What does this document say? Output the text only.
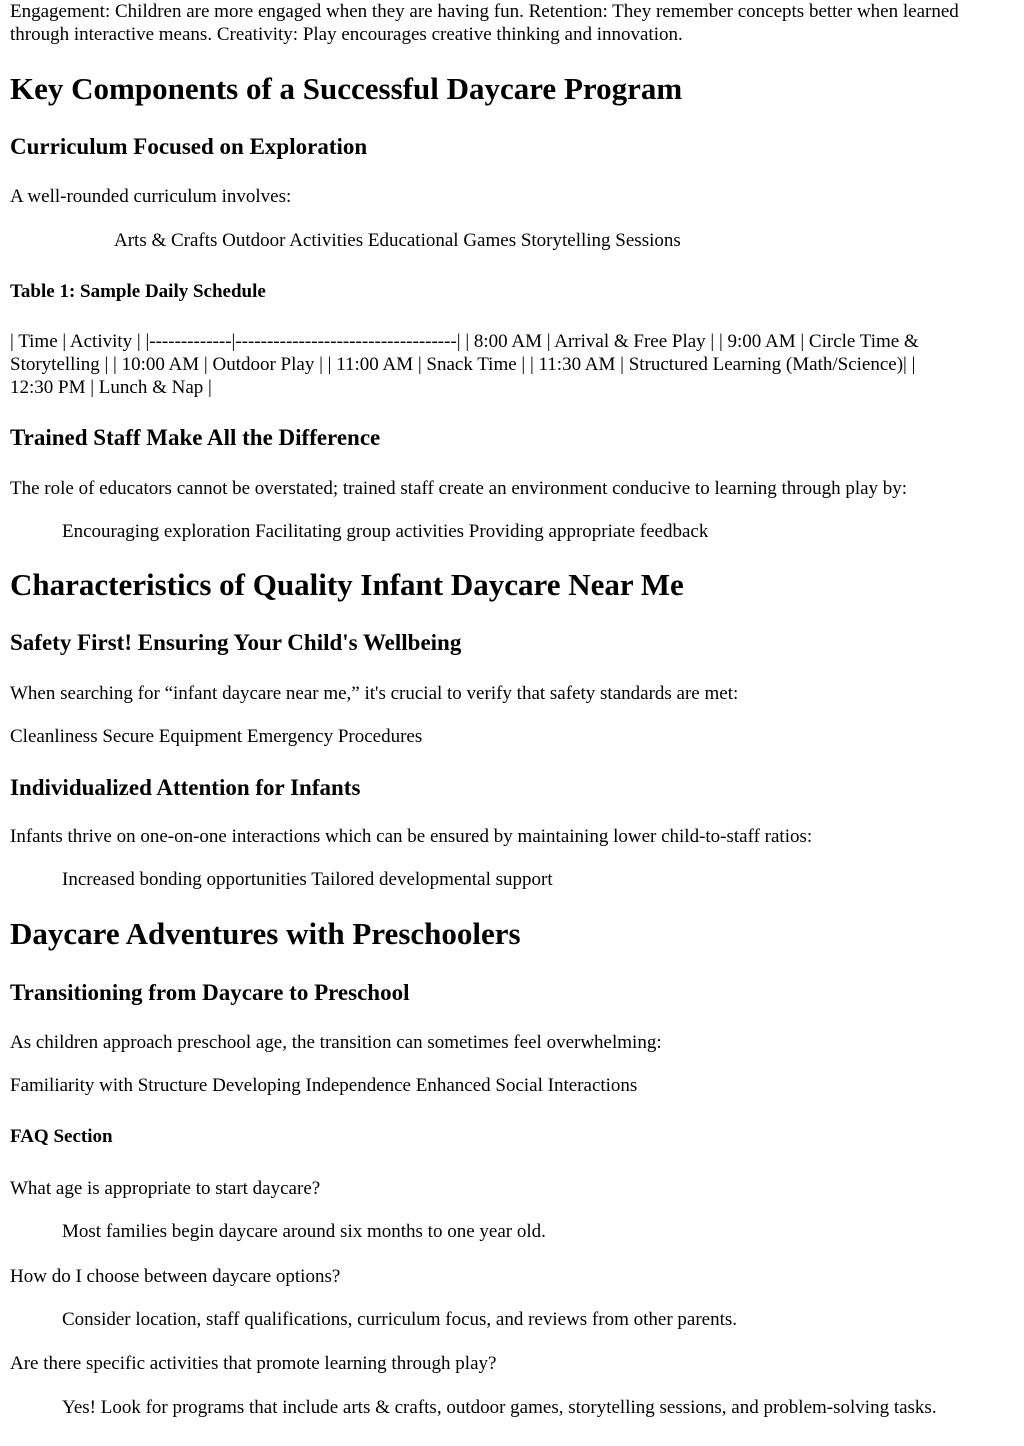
Engagement: Children are more engaged when they are having fun. Retention: They remember concepts better when learned through interactive means. Creativity: Play encourages creative thinking and innovation.

Key Components of a Successful Daycare Program
Curriculum Focused on Exploration

A well-rounded curriculum involves:

Arts & Crafts Outdoor Activities Educational Games Storytelling Sessions

Table 1: Sample Daily Schedule

| Time | Activity | |-------------|-----------------------------------| | 8:00 AM | Arrival & Free Play | | 9:00 AM | Circle Time &

Storytelling | | 10:00 AM | Outdoor Play | | 11:00 AM | Snack Time | | 11:30 AM | Structured Learning (Math/Science)| |

12:30 PM | Lunch & Nap |

Trained Staff Make All the Difference

The role of educators cannot be overstated; trained staff create an environment conducive to learning through play by:

Encouraging exploration Facilitating group activities Providing appropriate feedback

Characteristics of Quality Infant Daycare Near Me
Safety First! Ensuring Your Child's Wellbeing

When searching for “infant daycare near me,” it's crucial to verify that safety standards are met:

Cleanliness Secure Equipment Emergency Procedures

Individualized Attention for Infants

Infants thrive on one-on-one interactions which can be ensured by maintaining lower child-to-staff ratios:

Increased bonding opportunities Tailored developmental support

Daycare Adventures with Preschoolers
Transitioning from Daycare to Preschool

As children approach preschool age, the transition can sometimes feel overwhelming:

Familiarity with Structure Developing Independence Enhanced Social Interactions

FAQ Section

What age is appropriate to start daycare?

Most families begin daycare around six months to one year old.

How do I choose between daycare options?

Consider location, staff qualifications, curriculum focus, and reviews from other parents.

Are there specific activities that promote learning through play?

Yes! Look for programs that include arts & crafts, outdoor games, storytelling sessions, and problem-solving tasks.
